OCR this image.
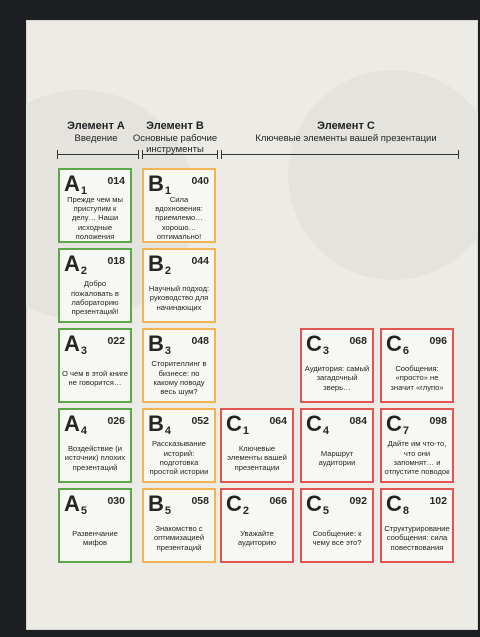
Элемент А
Введение
Элемент В
Основные рабочие инструменты
Элемент С
Ключевые элементы вашей презентации
$A_1$
014
Прежде чем мы приступим к делу… Наши исходные положения
$B_1$
040
Сила вдохновения: приемлемо… хорошо… оптимально!
$A_2$
018
Добро пожаловать в лабораторию презентаций!
$B_2$
044
Научный подход: руководство для начинающих
$A_3$
022
О чем в этой книге не говорится…
$B_3$
048
Сторителлинг в бизнесе: по какому поводу весь шум?
$C_3$
068
Аудитория: самый загадочный зверь…
$C_6$
096
Сообщения: «просто» не значит «глупо»
$A_4$
026
Воздействие (и источник) плохих презентаций
$B_4$
052
Рассказывание историй: подготовка простой истории
$C_1$
064
Ключевые элементы вашей презентации
$C_4$
084
Маршрут аудитории
$C_7$
098
Дайте им что-то, что они запомнят… и отпустите поводок
$A_5$
030
Развенчание мифов
$B_5$
058
Знакомство с оптимизацией презентаций
$C_2$
066
Уважайте аудиторию
$C_5$
092
Сообщение: к чему все это?
$C_8$
102
Структурирование сообщения: сила повествования
